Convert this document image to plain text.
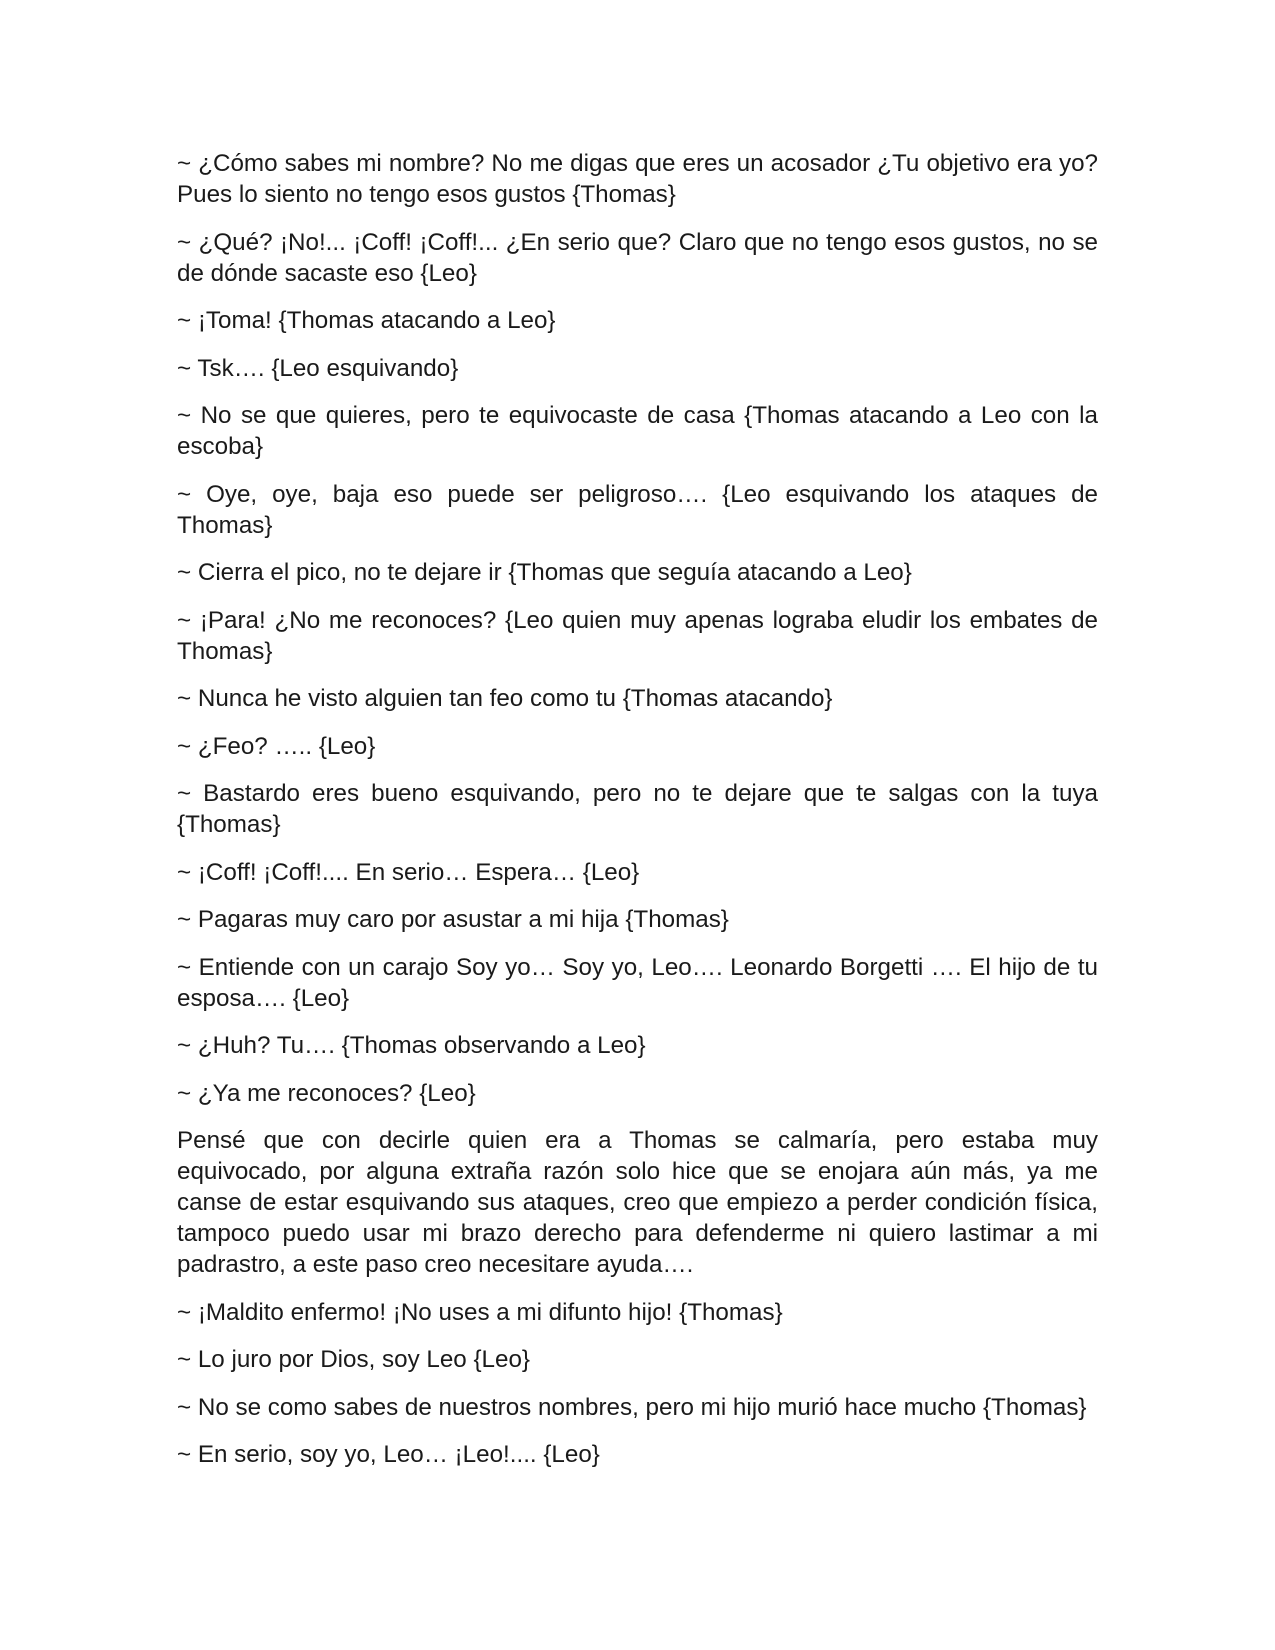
~ ¿Cómo sabes mi nombre? No me digas que eres un acosador ¿Tu objetivo era yo? Pues lo siento no tengo esos gustos {Thomas}

~ ¿Qué? ¡No!... ¡Coff! ¡Coff!... ¿En serio que? Claro que no tengo esos gustos, no se de dónde sacaste eso {Leo}

~ ¡Toma! {Thomas atacando a Leo}

~ Tsk…. {Leo esquivando}

~ No se que quieres, pero te equivocaste de casa {Thomas atacando a Leo con la escoba}

~ Oye, oye, baja eso puede ser peligroso…. {Leo esquivando los ataques de Thomas}

~ Cierra el pico, no te dejare ir {Thomas que seguía atacando a Leo}

~ ¡Para! ¿No me reconoces? {Leo quien muy apenas lograba eludir los embates de Thomas}

~ Nunca he visto alguien tan feo como tu {Thomas atacando}

~ ¿Feo? ….. {Leo}

~ Bastardo eres bueno esquivando, pero no te dejare que te salgas con la tuya {Thomas}

~ ¡Coff! ¡Coff!.... En serio… Espera… {Leo}

~ Pagaras muy caro por asustar a mi hija {Thomas}

~ Entiende con un carajo Soy yo… Soy yo, Leo…. Leonardo Borgetti …. El hijo de tu esposa…. {Leo}

~ ¿Huh? Tu…. {Thomas observando a Leo}

~ ¿Ya me reconoces? {Leo}

Pensé que con decirle quien era a Thomas se calmaría, pero estaba muy equivocado, por alguna extraña razón solo hice que se enojara aún más, ya me canse de estar esquivando sus ataques, creo que empiezo a perder condición física, tampoco puedo usar mi brazo derecho para defenderme ni quiero lastimar a mi padrastro, a este paso creo necesitare ayuda….

~ ¡Maldito enfermo! ¡No uses a mi difunto hijo! {Thomas}

~ Lo juro por Dios, soy Leo {Leo}

~ No se como sabes de nuestros nombres, pero mi hijo murió hace mucho {Thomas}

~ En serio, soy yo, Leo… ¡Leo!.... {Leo}
